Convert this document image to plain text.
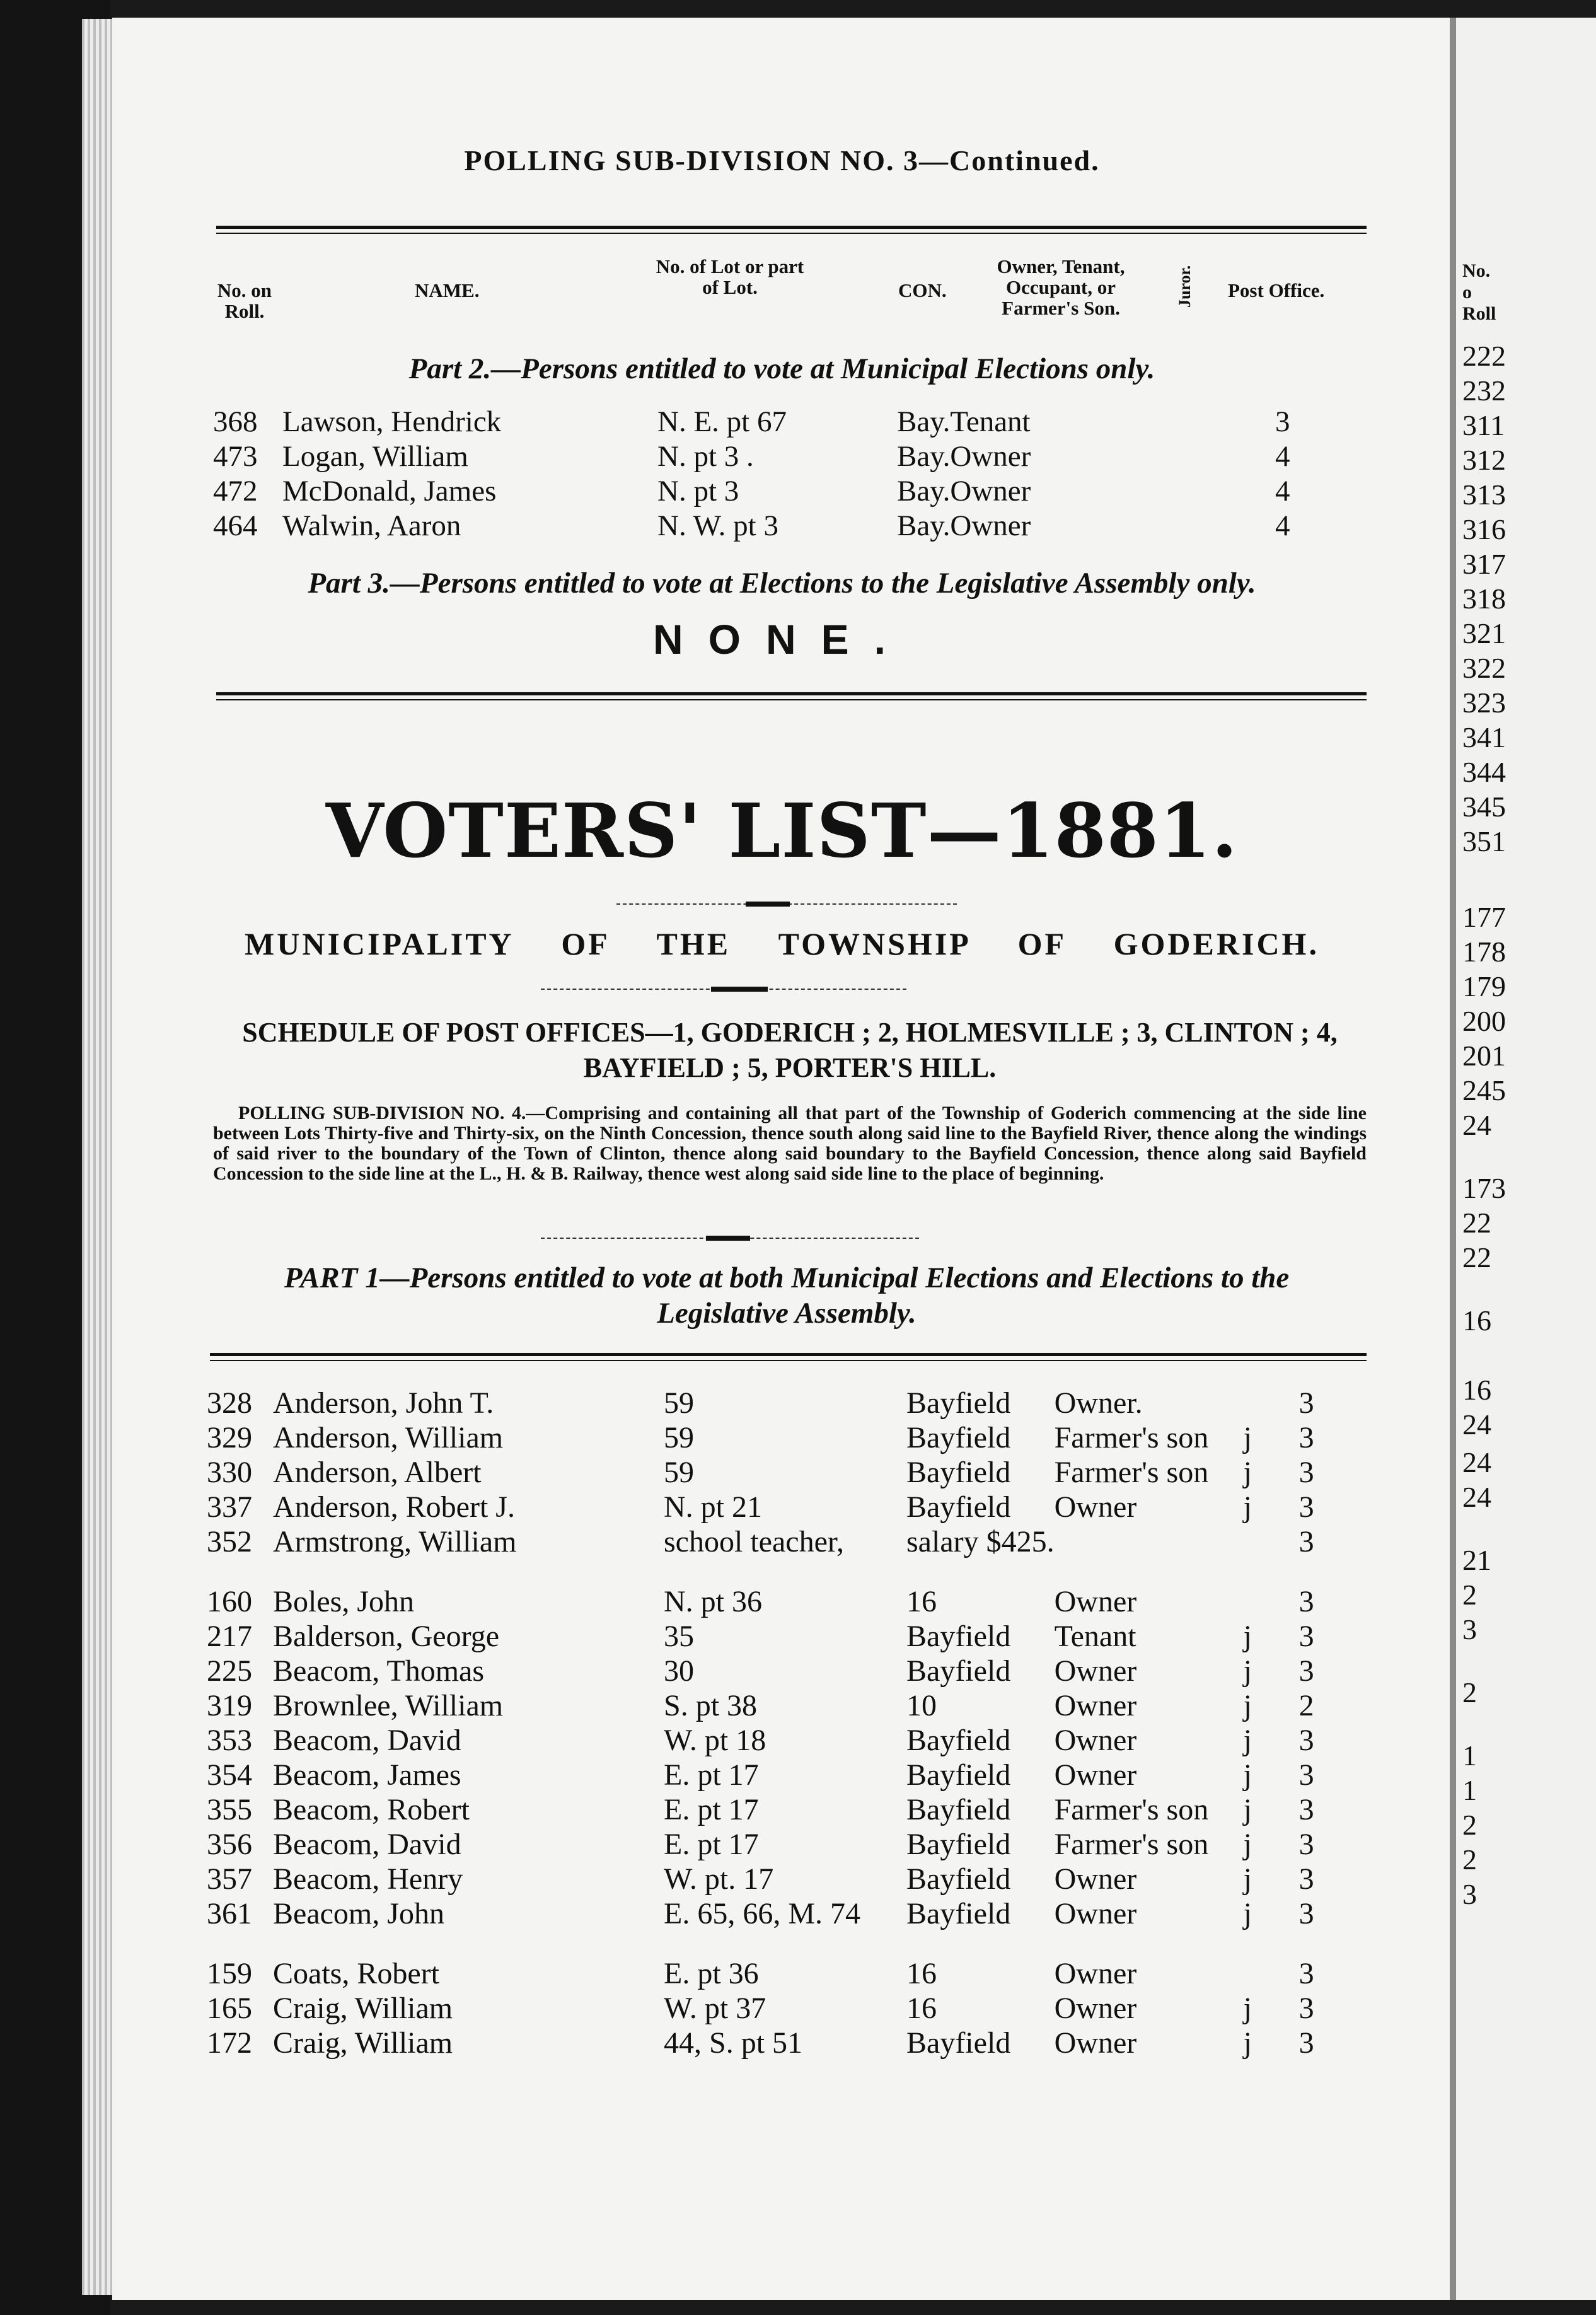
POLLING SUB-DIVISION NO. 3—Continued.
No. on Roll.
NAME.
No. of Lot or part of Lot.	CON.
Owner, Tenant, Occupant, or Farmer's Son.
Juror. Post Office.
Part 2.—Persons entitled to vote at Municipal Elections only.
368 Lawson, Hendrick	N. E. pt 67	Bay.Tenant	3
473 Logan, William	N. pt 3 .	Bay.Owner	4
472 McDonald, James	N. pt 3	Bay.Owner	4
464 Walwin, Aaron	N. W. pt 3	Bay.Owner	4
Part 3.—Persons entitled to vote at Elections to the Legislative Assembly only.
NONE.
VOTERS' LIST—1881.
MUNICIPALITY OF THE TOWNSHIP OF GODERICH.
SCHEDULE OF POST OFFICES—1, GODERICH ; 2, HOLMESVILLE ; 3, CLINTON ; 4,
BAYFIELD ; 5, PORTER'S HILL.
POLLING SUB-DIVISION NO. 4.—Comprising and containing all that part of the Township of Goderich commencing at the side line between Lots Thirty-five and Thirty-six, on the Ninth Concession, thence south along said line to the Bayfield River, thence along the windings of said river to the boundary of the Town of Clinton, thence along said boundary to the Bayfield Concession, thence along said Bayfield Concession to the side line at the L., H. & B. Railway, thence west along said side line to the place of beginning.
PART 1—Persons entitled to vote at both Municipal Elections and Elections to the
Legislative Assembly.
328	Anderson, John T.	59	Bayfield	Owner.		3
329	Anderson, William	59	Bayfield	Farmer's son	j	3
330	Anderson, Albert	59	Bayfield	Farmer's son	j	3
337	Anderson, Robert J.	N. pt 21	Bayfield	Owner	j	3
352	Armstrong, William	school teacher,	salary $425.			3

160	Boles, John	N. pt 36	16	Owner		3
217	Balderson, George	35	Bayfield	Tenant	j	3
225	Beacom, Thomas	30	Bayfield	Owner	j	3
319	Brownlee, William	S. pt 38	10	Owner	j	2
353	Beacom, David	W. pt 18	Bayfield	Owner	j	3
354	Beacom, James	E. pt 17	Bayfield	Owner	j	3
355	Beacom, Robert	E. pt 17	Bayfield	Farmer's son	j	3
356	Beacom, David	E. pt 17	Bayfield	Farmer's son	j	3
357	Beacom, Henry	W. pt. 17	Bayfield	Owner	j	3
361	Beacom, John	E. 65, 66, M. 74	Bayfield	Owner	j	3

159	Coats, Robert	E. pt 36	16	Owner		3
165	Craig, William	W. pt 37	16	Owner	j	3
172	Craig, William	44, S. pt 51	Bayfield	Owner	j	3
No. o Roll
222
232
311
312
313
316
317
318
321
322
323
341
344
345
351
177
178
179
200
201
245
24
173
22
22
16
16
24
24
24
21
2
3
2
1
1
2
2
3
